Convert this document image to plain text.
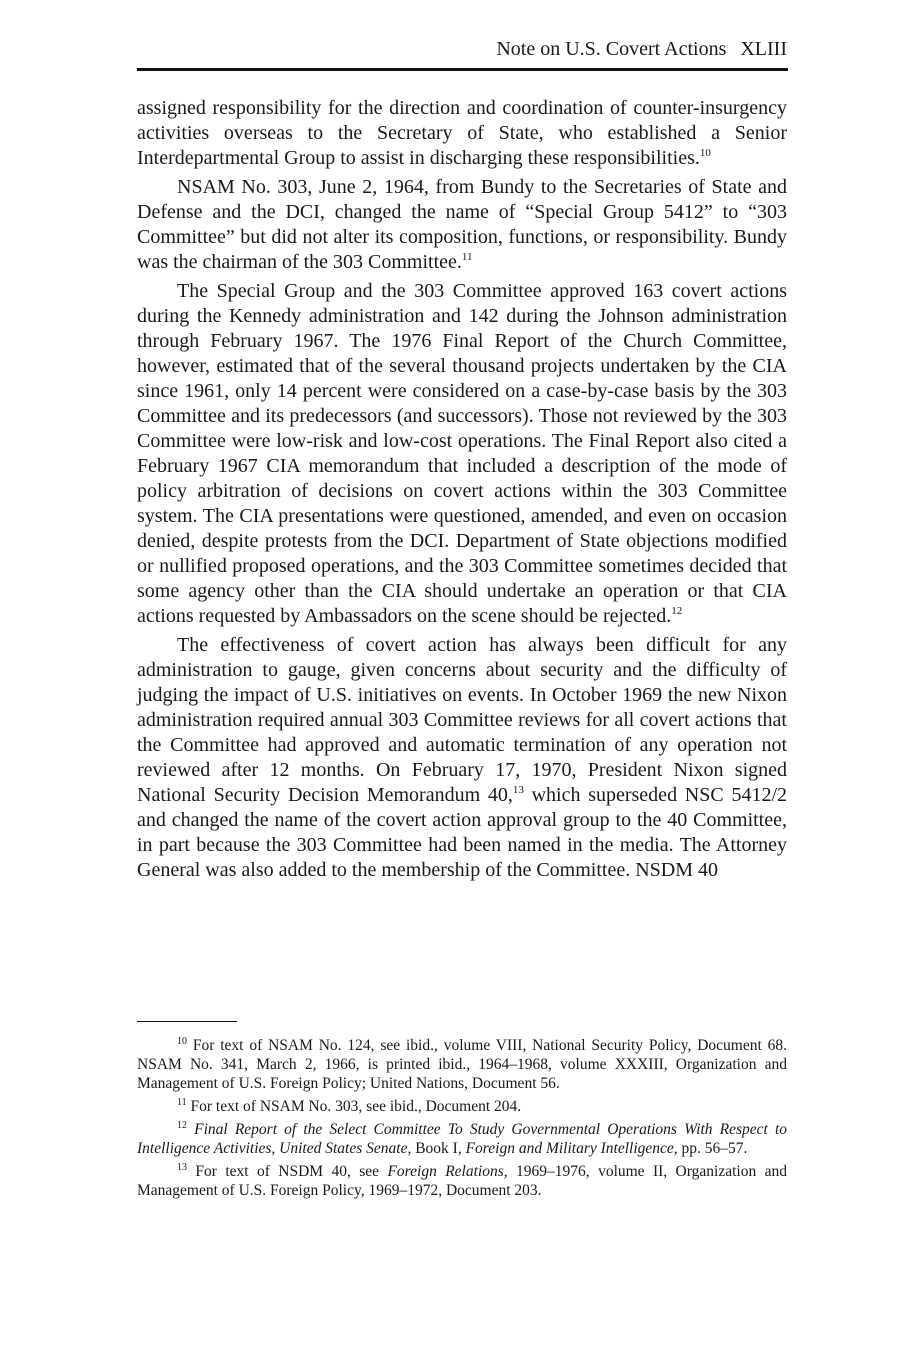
Note on U.S. Covert Actions XLIII

assigned responsibility for the direction and coordination of counter-insurgency activities overseas to the Secretary of State, who established a Senior Interdepartmental Group to assist in discharging these responsibilities.$^{10}$

NSAM No. 303, June 2, 1964, from Bundy to the Secretaries of State and Defense and the DCI, changed the name of “Special Group 5412” to “303 Committee” but did not alter its composition, functions, or responsibility. Bundy was the chairman of the 303 Committee.$^{11}$

The Special Group and the 303 Committee approved 163 covert actions during the Kennedy administration and 142 during the Johnson administration through February 1967. The 1976 Final Report of the Church Committee, however, estimated that of the several thousand projects undertaken by the CIA since 1961, only 14 percent were considered on a case-by-case basis by the 303 Committee and its predecessors (and successors). Those not reviewed by the 303 Committee were low-risk and low-cost operations. The Final Report also cited a February 1967 CIA memorandum that included a description of the mode of policy arbitration of decisions on covert actions within the 303 Committee system. The CIA presentations were questioned, amended, and even on occasion denied, despite protests from the DCI. Department of State objections modified or nullified proposed operations, and the 303 Committee sometimes decided that some agency other than the CIA should undertake an operation or that CIA actions requested by Ambassadors on the scene should be rejected.$^{12}$

The effectiveness of covert action has always been difficult for any administration to gauge, given concerns about security and the difficulty of judging the impact of U.S. initiatives on events. In October 1969 the new Nixon administration required annual 303 Committee reviews for all covert actions that the Committee had approved and automatic termination of any operation not reviewed after 12 months. On February 17, 1970, President Nixon signed National Security Decision Memorandum 40,13 which superseded NSC 5412/2 and changed the name of the covert action approval group to the 40 Committee, in part because the 303 Committee had been named in the media. The Attorney General was also added to the membership of the Committee. NSDM 40

$^{10}$ For text of NSAM No. 124, see ibid., volume VIII, National Security Policy, Document 68. NSAM No. 341, March 2, 1966, is printed ibid., 1964–1968, volume XXXIII, Organization and Management of U.S. Foreign Policy; United Nations, Document 56.

$^{11}$ For text of NSAM No. 303, see ibid., Document 204.

$^{12}$ Final Report of the Select Committee To Study Governmental Operations With Respect to Intelligence Activities, United States Senate, Book I, Foreign and Military Intelligence, pp. 56–57.

$^{13}$ For text of NSDM 40, see Foreign Relations, 1969–1976, volume II, Organization and Management of U.S. Foreign Policy, 1969–1972, Document 203.
